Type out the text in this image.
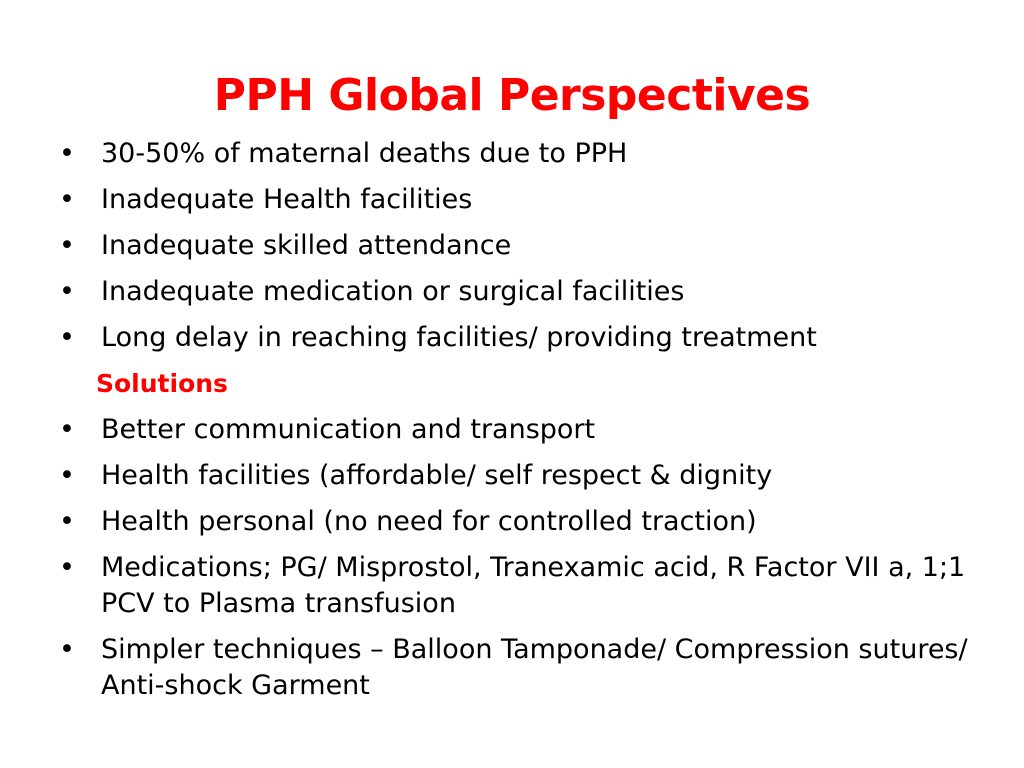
PPH Global Perspectives
• 30-50% of maternal deaths due to PPH
• Inadequate Health facilities
• Inadequate skilled attendance
• Inadequate medication or surgical facilities
• Long delay in reaching facilities/ providing treatment
Solutions
• Better communication and transport
• Health facilities (affordable/ self respect & dignity
• Health personal (no need for controlled traction)
• Medications; PG/ Misprostol, Tranexamic acid, R Factor VII a, 1;1 PCV to Plasma transfusion
• Simpler techniques – Balloon Tamponade/ Compression sutures/ Anti-shock Garment
